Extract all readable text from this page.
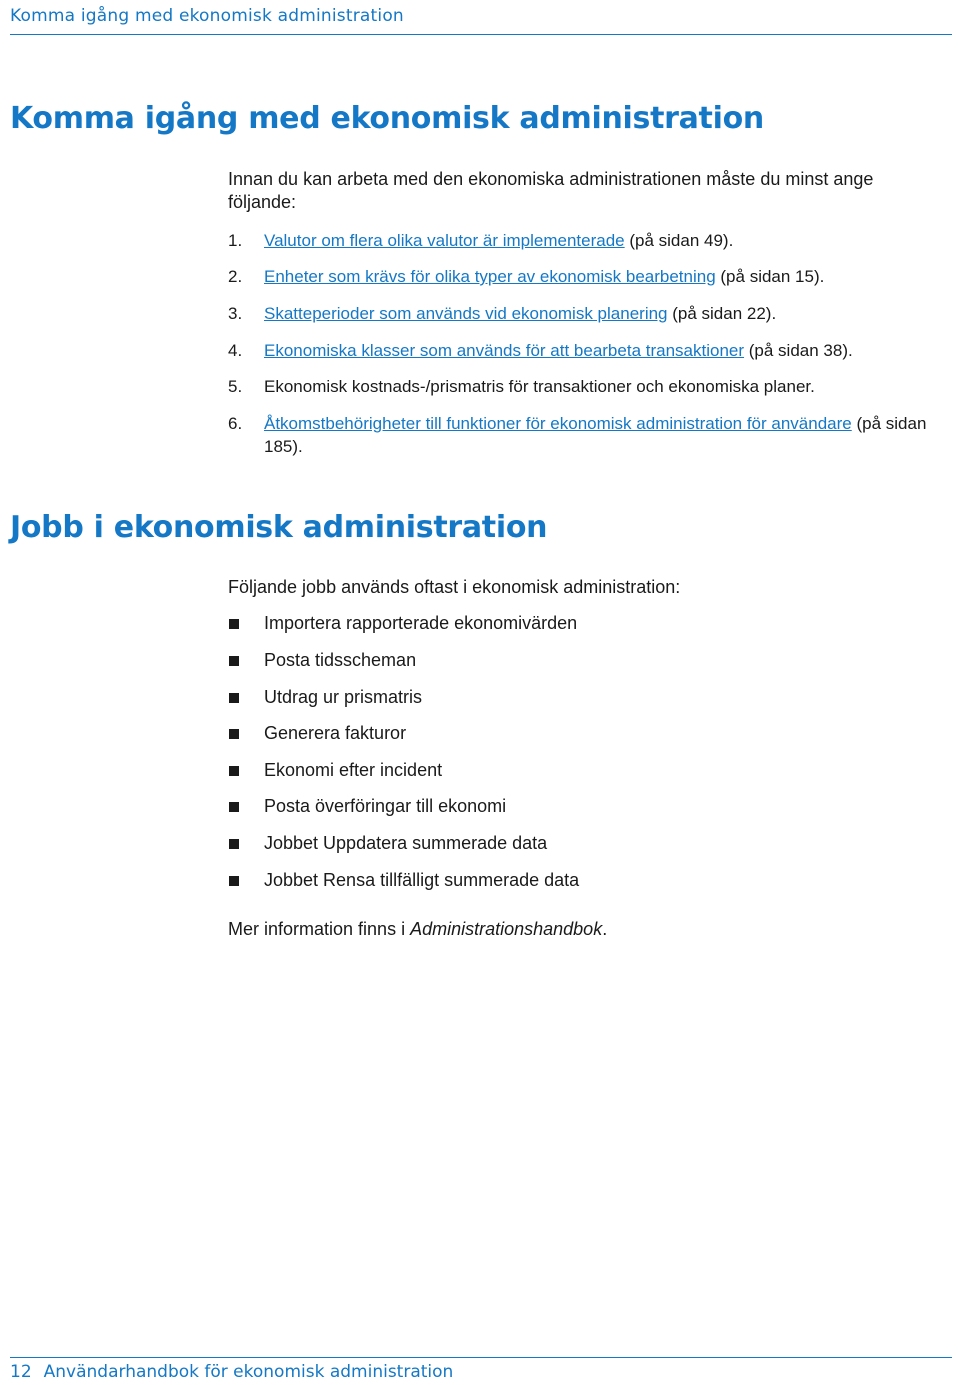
Komma igång med ekonomisk administration
Komma igång med ekonomisk administration

Innan du kan arbeta med den ekonomiska administrationen måste du minst ange följande:

1. Valutor om flera olika valutor är implementerade (på sidan 49).
2. Enheter som krävs för olika typer av ekonomisk bearbetning (på sidan 15).
3. Skatteperioder som används vid ekonomisk planering (på sidan 22).
4. Ekonomiska klasser som används för att bearbeta transaktioner (på sidan 38).
5. Ekonomisk kostnads-/prismatris för transaktioner och ekonomiska planer.
6. Åtkomstbehörigheter till funktioner för ekonomisk administration för användare (på sidan 185).
Jobb i ekonomisk administration

Följande jobb används oftast i ekonomisk administration:

Importera rapporterade ekonomivärden
Posta tidsscheman
Utdrag ur prismatris
Generera fakturor
Ekonomi efter incident
Posta överföringar till ekonomi
Jobbet Uppdatera summerade data
Jobbet Rensa tillfälligt summerade data

Mer information finns i Administrationshandbok.

12 Användarhandbok för ekonomisk administration
